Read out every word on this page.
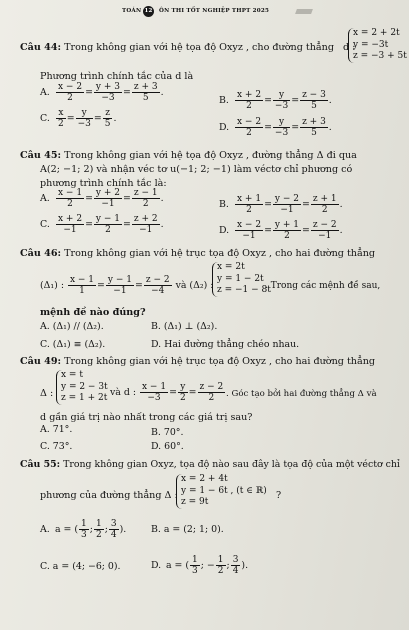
TOÁN 12 ÔN THI TỐT NGHIỆP THPT 2025
Câu 44: Trong không gian với hệ tọa độ Oxyz , cho đường thẳng d :
x = 2 + 2t
y = −3t
z = −3 + 5t
Phương trình chính tắc của d là
A. $\frac{x - 2}{2} = \frac{y + 3}{-3} = \frac{z + 3}{5}$ .
B. $\frac{x + 2}{2} = \frac{y}{-3} = \frac{z - 3}{5}$ .
C. $\frac{x}{2} = \frac{y}{-3} = \frac{z}{5}$ .
D. $\frac{x - 2}{2} = \frac{y}{-3} = \frac{z + 3}{5}$ .
Câu 45: Trong không gian với hệ tọa độ Oxyz , đường thẳng Δ đi qua
A(2; −1; 2) và nhận véc tơ u(−1; 2; −1) làm véctơ chỉ phương có
phương trình chính tắc là:
A. $\frac{x - 1}{2} = \frac{y + 2}{-1} = \frac{z - 1}{2}$ .
B. $\frac{x + 1}{2} = \frac{y - 2}{-1} = \frac{z + 1}{2}$ .
C. $\frac{x + 2}{-1} = \frac{y - 1}{2} = \frac{z + 2}{-1}$ .
D. $\frac{x - 2}{-1} = \frac{y + 1}{2} = \frac{z - 2}{-1}$ .
Câu 46: Trong không gian với hệ trục tọa độ Oxyz , cho hai đường thẳng
(Δ₁) : $\frac{x - 1}{1} = \frac{y - 1}{-1} = \frac{z - 2}{-4}$ và (Δ₂) :
x = 2t
y = 1 − 2t
z = −1 − 8t
. Trong các mệnh đề sau,
mệnh đề nào đúng?
A. (Δ₁) // (Δ₂).	B. (Δ₁) ⊥ (Δ₂).
C. (Δ₁) ≡ (Δ₂).	D. Hai đường thẳng chéo nhau.
Câu 49: Trong không gian với hệ trục tọa độ Oxyz , cho hai đường thẳng
Δ :
x = t
y = 2 − 3t
z = 1 + 2t và d : $\frac{x - 1}{-3} = \frac{y}{2} = \frac{z - 2}{2}$ . Góc tạo bởi hai đường thẳng Δ và
d gần giá trị nào nhất trong các giá trị sau?
A. 71°.	B. 70°.
C. 73°.	D. 60°.
Câu 55: Trong không gian Oxyz, tọa độ nào sau đây là tọa độ của một véctơ chỉ
phương của đường thẳng Δ :
x = 2 + 4t
y = 1 − 6t , (t ∈ ℝ)
z = 9t
?
A. a = ( $\frac{1}{3}$ ; $\frac{1}{2}$ ; $\frac{3}{4}$ ).	B. a = (2; 1; 0).
C. a = (4; −6; 0).	D. a = ( $\frac{1}{3}$ ; − $\frac{1}{2}$ ; $\frac{3}{4}$ ).
